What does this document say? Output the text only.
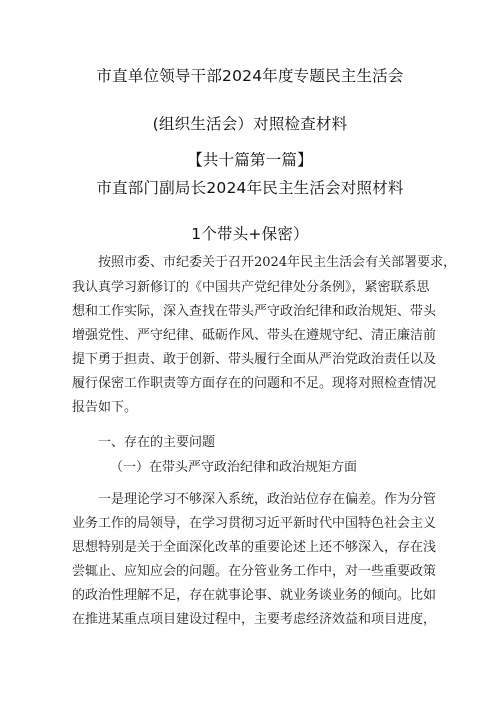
市直单位领导干部2024年度专题民主生活会
(组织生活会）对照检查材料
【共十篇第一篇】
市直部门副局长2024年民主生活会对照材料
1个带头+保密）
按照市委、市纪委关于召开2024年民主生活会有关部署要求，
我认真学习新修订的《中国共产党纪律处分条例》，紧密联系思
想和工作实际，深入查找在带头严守政治纪律和政治规矩、带头
增强党性、严守纪律、砥砺作风、带头在遵规守纪、清正廉洁前
提下勇于担责、敢于创新、带头履行全面从严治党政治责任以及
履行保密工作职责等方面存在的问题和不足。现将对照检查情况
报告如下。
一、存在的主要问题
（一）在带头严守政治纪律和政治规矩方面
一是理论学习不够深入系统，政治站位存在偏差。作为分管
业务工作的局领导，在学习贯彻习近平新时代中国特色社会主义
思想特别是关于全面深化改革的重要论述上还不够深入，存在浅
尝辄止、应知应会的问题。在分管业务工作中，对一些重要政策
的政治性理解不足，存在就事论事、就业务谈业务的倾向。比如
在推进某重点项目建设过程中，主要考虑经济效益和项目进度，
